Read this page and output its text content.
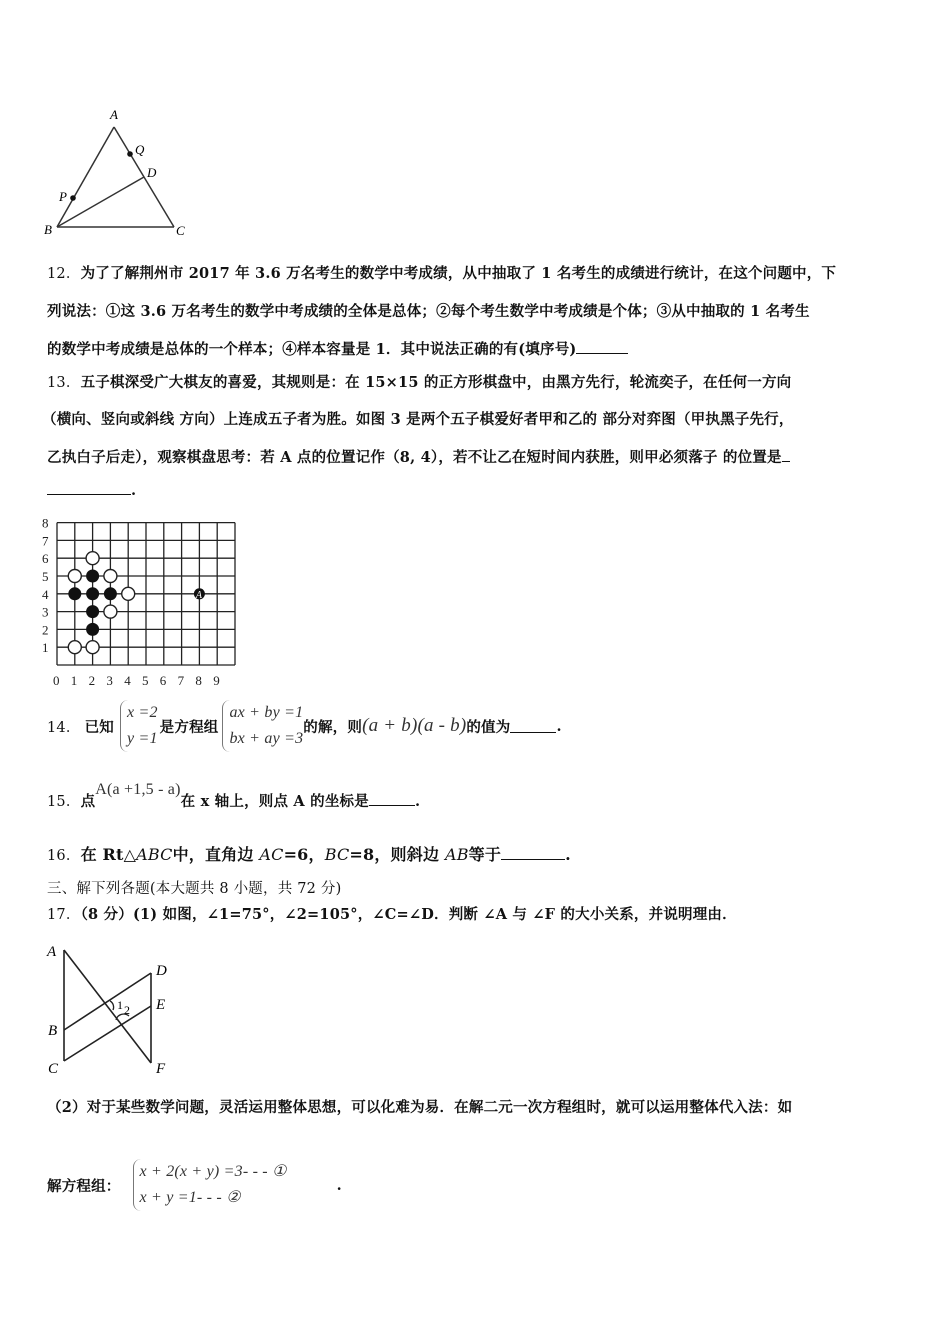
A
Q
D
P
B	C
12．为了了解荆州市 2017 年 3.6 万名考生的数学中考成绩，从中抽取了 1 名考生的成绩进行统计，在这个问题中，下
列说法：①这 3.6 万名考生的数学中考成绩的全体是总体；②每个考生数学中考成绩是个体；③从中抽取的 1 名考生
的数学中考成绩是总体的一个样本；④样本容量是 1．其中说法正确的有(填序号)
13．五子棋深受广大棋友的喜爱，其规则是：在 15×15 的正方形棋盘中，由黑方先行，轮流奕子，在任何一方向
（横向、竖向或斜线 方向）上连成五子者为胜。如图 3 是两个五子棋爱好者甲和乙的 部分对弈图（甲执黑子先行，
乙执白子后走），观察棋盘思考：若 A 点的位置记作（8, 4），若不让乙在短时间内获胜，则甲必须落子 的位置是
.
0 1 2 3 4 5 6 7 8 9
1
2
3
4
5
6
7
8
A
14． 已知
x =2
y =1
是方程组
ax + by =1
bx + ay =3
的解，则 (a + b)(a - b) 的值为	.
15．点A(a +1,5 - a)在 x 轴上，则点 A 的坐标是	.
16．在 Rt△ABC中，直角边 AC=6，BC=8，则斜边 AB等于	.
三、解下列各题(本大题共 8 小题，共 72 分)
17．（8 分）(1) 如图，∠1=75°，∠2=105°，∠C=∠D．判断 ∠A 与 ∠F 的大小关系，并说明理由．
A
D
E
B
C	F
1 2
（2）对于某些数学问题，灵活运用整体思想，可以化难为易．在解二元一次方程组时，就可以运用整体代入法：如
解方程组：
x + 2(x + y) =3- - - ①
x + y =1- - - ②
.
